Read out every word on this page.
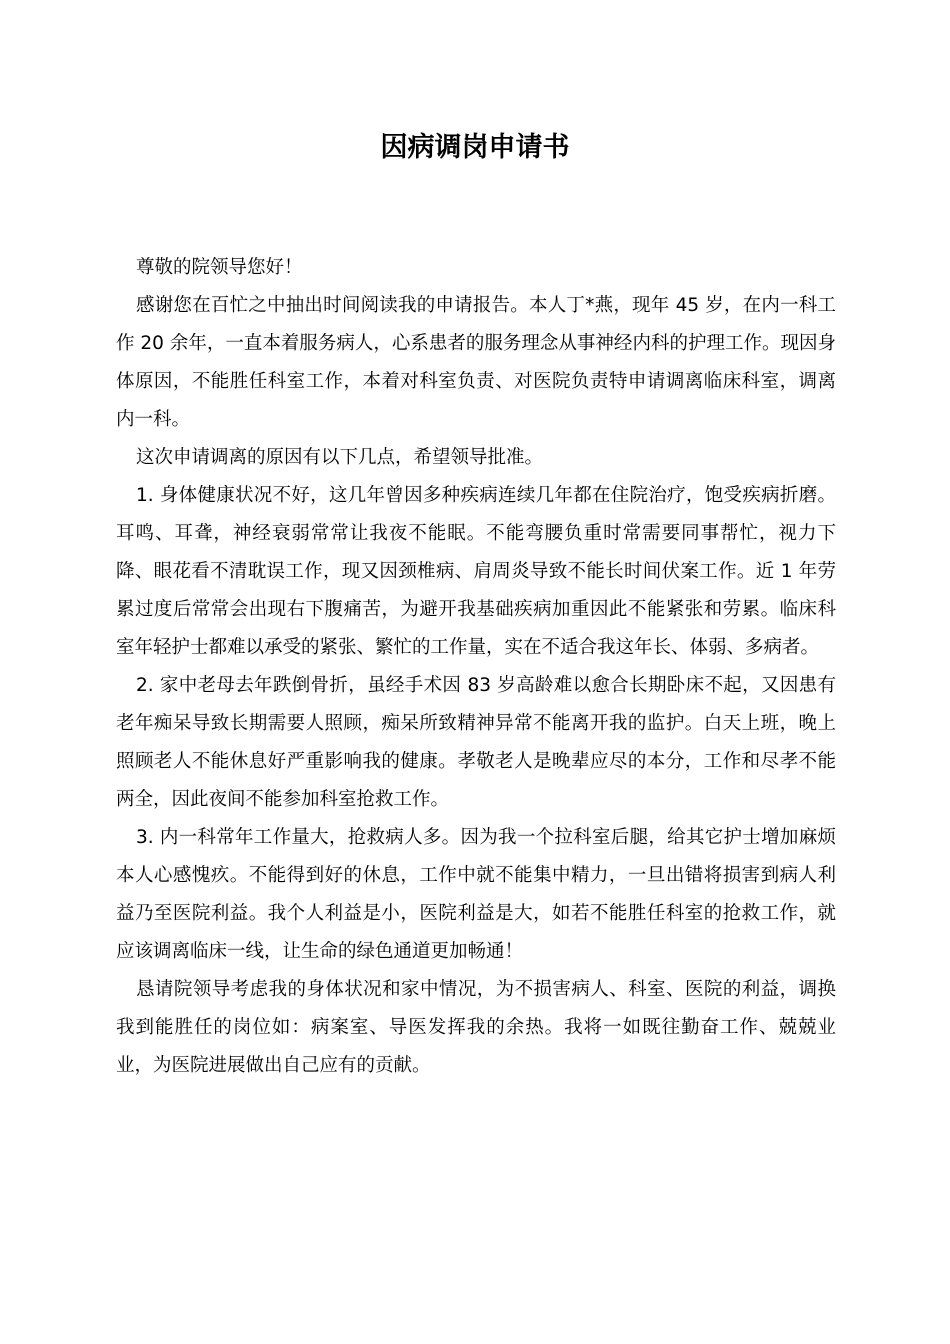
因病调岗申请书

尊敬的院领导您好！

感谢您在百忙之中抽出时间阅读我的申请报告。本人丁*燕，现年 45 岁，在内一科工作 20 余年，一直本着服务病人，心系患者的服务理念从事神经内科的护理工作。现因身体原因，不能胜任科室工作，本着对科室负责、对医院负责特申请调离临床科室，调离内一科。

这次申请调离的原因有以下几点，希望领导批准。

1. 身体健康状况不好，这几年曾因多种疾病连续几年都在住院治疗，饱受疾病折磨。耳鸣、耳聋，神经衰弱常常让我夜不能眠。不能弯腰负重时常需要同事帮忙，视力下降、眼花看不清耽误工作，现又因颈椎病、肩周炎导致不能长时间伏案工作。近 1 年劳累过度后常常会出现右下腹痛苦，为避开我基础疾病加重因此不能紧张和劳累。临床科室年轻护士都难以承受的紧张、繁忙的工作量，实在不适合我这年长、体弱、多病者。

2. 家中老母去年跌倒骨折，虽经手术因 83 岁高龄难以愈合长期卧床不起，又因患有老年痴呆导致长期需要人照顾，痴呆所致精神异常不能离开我的监护。白天上班，晚上照顾老人不能休息好严重影响我的健康。孝敬老人是晚辈应尽的本分，工作和尽孝不能两全，因此夜间不能参加科室抢救工作。

3. 内一科常年工作量大，抢救病人多。因为我一个拉科室后腿，给其它护士增加麻烦本人心感愧疚。不能得到好的休息，工作中就不能集中精力，一旦出错将损害到病人利益乃至医院利益。我个人利益是小，医院利益是大，如若不能胜任科室的抢救工作，就应该调离临床一线，让生命的绿色通道更加畅通！

恳请院领导考虑我的身体状况和家中情况，为不损害病人、科室、医院的利益，调换我到能胜任的岗位如：病案室、导医发挥我的余热。我将一如既往勤奋工作、兢兢业业，为医院进展做出自己应有的贡献。
